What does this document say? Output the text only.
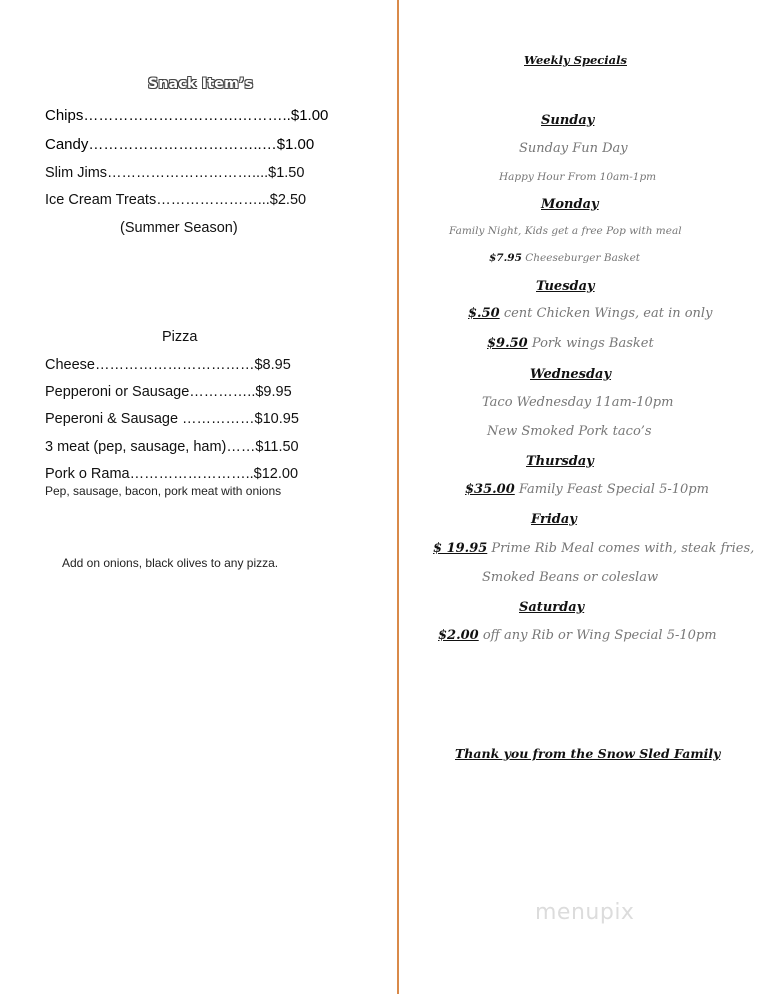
Snack Item’s
Chips………………………….………..$1.00
Candy……………………………..…$1.00
Slim Jims…………………………....$1.50
Ice Cream Treats…………………...$2.50
(Summer Season)
Pizza
Cheese……………………………$8.95
Pepperoni or Sausage…………..$9.95
Peperoni & Sausage ……………$10.95
3 meat (pep, sausage, ham)……$11.50
Pork o Rama……………………..$12.00
Pep, sausage, bacon, pork meat with onions
Add on onions, black olives to any pizza.
Weekly Specials
Sunday
Sunday Fun Day
Happy Hour From 10am-1pm
Monday
Family Night, Kids get a free Pop with meal
$7.95 Cheeseburger Basket
Tuesday
$.50 cent Chicken Wings, eat in only
$9.50 Pork wings Basket
Wednesday
Taco Wednesday 11am-10pm
New Smoked Pork taco’s
Thursday
$35.00 Family Feast Special 5-10pm
Friday
$ 19.95 Prime Rib Meal comes with, steak fries,
Smoked Beans or coleslaw
Saturday
$2.00 off any Rib or Wing Special 5-10pm
Thank you from the Snow Sled Family
menupix
